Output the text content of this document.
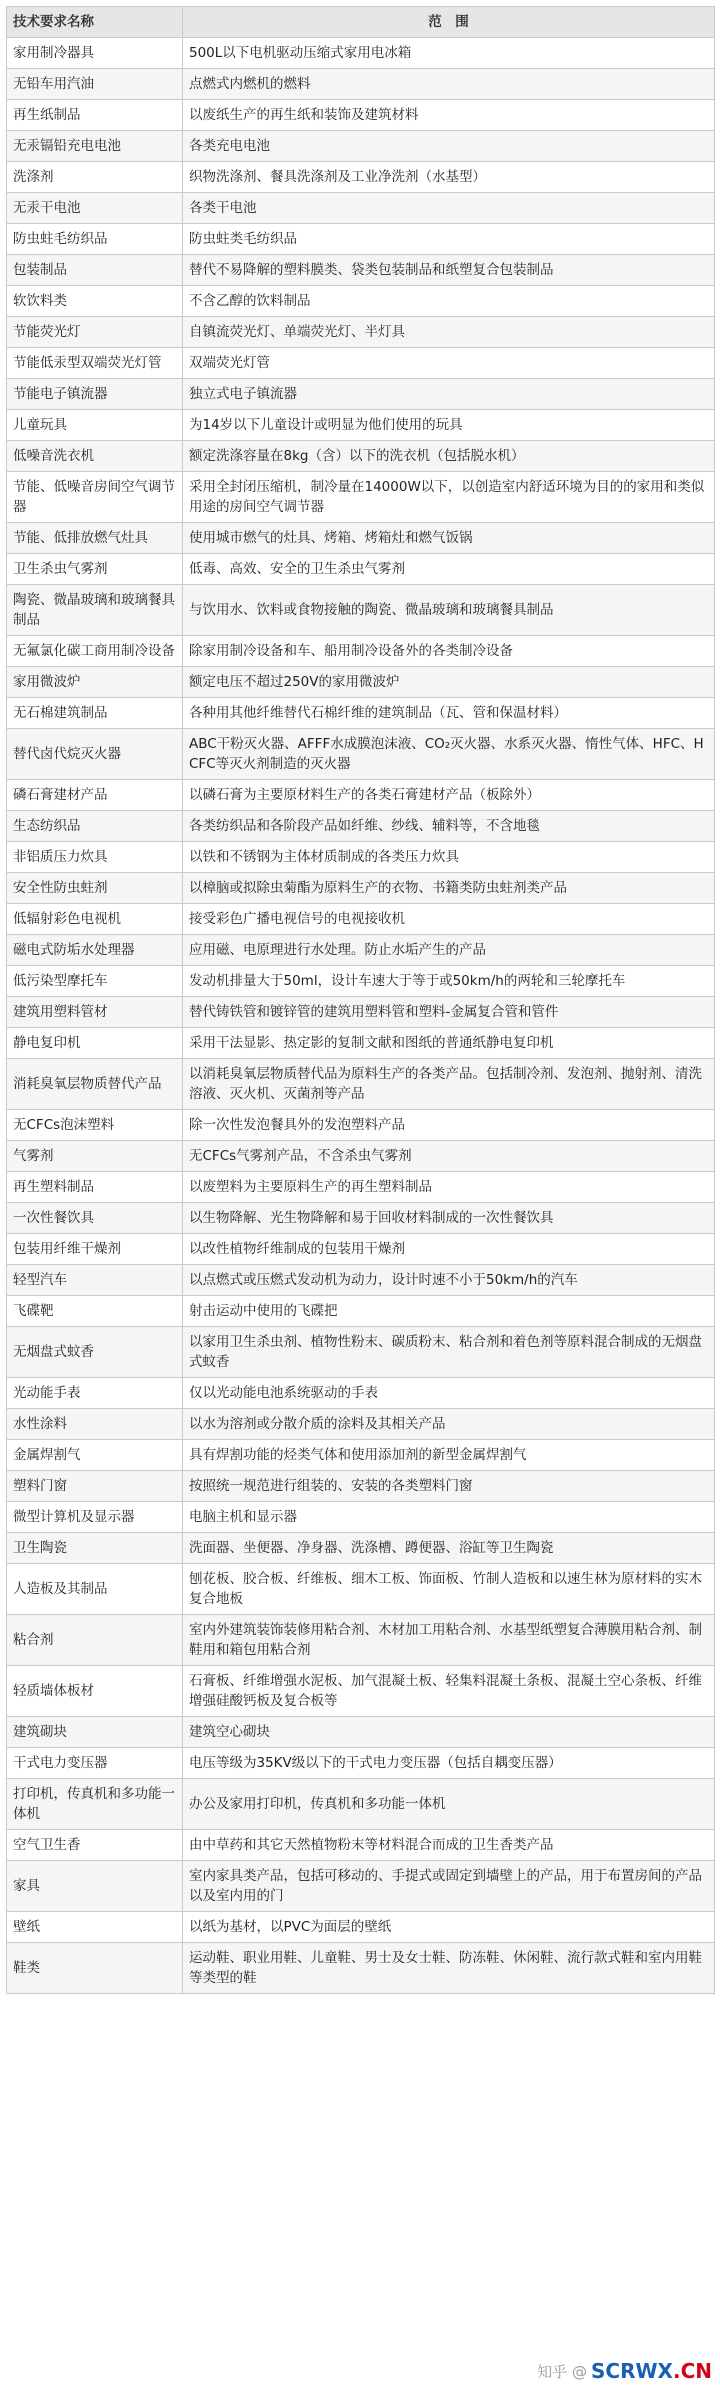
技术要求名称	范　围
家用制冷器具	500L以下电机驱动压缩式家用电冰箱
无铅车用汽油	点燃式内燃机的燃料
再生纸制品	以废纸生产的再生纸和装饰及建筑材料
无汞镉铅充电电池	各类充电电池
洗涤剂	织物洗涤剂、餐具洗涤剂及工业净洗剂（水基型）
无汞干电池	各类干电池
防虫蛀毛纺织品	防虫蛀类毛纺织品
包装制品	替代不易降解的塑料膜类、袋类包装制品和纸塑复合包装制品
软饮料类	不含乙醇的饮料制品
节能荧光灯	自镇流荧光灯、单端荧光灯、半灯具
节能低汞型双端荧光灯管	双端荧光灯管
节能电子镇流器	独立式电子镇流器
儿童玩具	为14岁以下儿童设计或明显为他们使用的玩具
低噪音洗衣机	额定洗涤容量在8kg（含）以下的洗衣机（包括脱水机）
节能、低噪音房间空气调节器	采用全封闭压缩机，制冷量在14000W以下，以创造室内舒适环境为目的的家用和类似用途的房间空气调节器
节能、低排放燃气灶具	使用城市燃气的灶具、烤箱、烤箱灶和燃气饭锅
卫生杀虫气雾剂	低毒、高效、安全的卫生杀虫气雾剂
陶瓷、微晶玻璃和玻璃餐具制品	与饮用水、饮料或食物接触的陶瓷、微晶玻璃和玻璃餐具制品
无氟氯化碳工商用制冷设备	除家用制冷设备和车、船用制冷设备外的各类制冷设备
家用微波炉	额定电压不超过250V的家用微波炉
无石棉建筑制品	各种用其他纤维替代石棉纤维的建筑制品（瓦、管和保温材料）
替代卤代烷灭火器	ABC干粉灭火器、AFFF水成膜泡沫液、CO₂灭火器、水系灭火器、惰性气体、HFC、HCFC等灭火剂制造的灭火器
磷石膏建材产品	以磷石膏为主要原材料生产的各类石膏建材产品（板除外）
生态纺织品	各类纺织品和各阶段产品如纤维、纱线、辅料等，不含地毯
非铝质压力炊具	以铁和不锈钢为主体材质制成的各类压力炊具
安全性防虫蛀剂	以樟脑或拟除虫菊酯为原料生产的衣物、书籍类防虫蛀剂类产品
低辐射彩色电视机	接受彩色广播电视信号的电视接收机
磁电式防垢水处理器	应用磁、电原理进行水处理。防止水垢产生的产品
低污染型摩托车	发动机排量大于50ml，设计车速大于等于或50km/h的两轮和三轮摩托车
建筑用塑料管材	替代铸铁管和镀锌管的建筑用塑料管和塑料-金属复合管和管件
静电复印机	采用干法显影、热定影的复制文献和图纸的普通纸静电复印机
消耗臭氧层物质替代产品	以消耗臭氧层物质替代品为原料生产的各类产品。包括制冷剂、发泡剂、抛射剂、清洗溶液、灭火机、灭菌剂等产品
无CFCs泡沫塑料	除一次性发泡餐具外的发泡塑料产品
气雾剂	无CFCs气雾剂产品，不含杀虫气雾剂
再生塑料制品	以废塑料为主要原料生产的再生塑料制品
一次性餐饮具	以生物降解、光生物降解和易于回收材料制成的一次性餐饮具
包装用纤维干燥剂	以改性植物纤维制成的包装用干燥剂
轻型汽车	以点燃式或压燃式发动机为动力，设计时速不小于50km/h的汽车
飞碟靶	射击运动中使用的飞碟把
无烟盘式蚊香	以家用卫生杀虫剂、植物性粉末、碳质粉末、粘合剂和着色剂等原料混合制成的无烟盘式蚊香
光动能手表	仅以光动能电池系统驱动的手表
水性涂料	以水为溶剂或分散介质的涂料及其相关产品
金属焊割气	具有焊割功能的烃类气体和使用添加剂的新型金属焊割气
塑料门窗	按照统一规范进行组装的、安装的各类塑料门窗
微型计算机及显示器	电脑主机和显示器
卫生陶瓷	洗面器、坐便器、净身器、洗涤槽、蹲便器、浴缸等卫生陶瓷
人造板及其制品	刨花板、胶合板、纤维板、细木工板、饰面板、竹制人造板和以速生林为原材料的实木复合地板
粘合剂	室内外建筑装饰装修用粘合剂、木材加工用粘合剂、水基型纸塑复合薄膜用粘合剂、制鞋用和箱包用粘合剂
轻质墙体板材	石膏板、纤维增强水泥板、加气混凝土板、轻集料混凝土条板、混凝土空心条板、纤维增强硅酸钙板及复合板等
建筑砌块	建筑空心砌块
干式电力变压器	电压等级为35KV级以下的干式电力变压器（包括自耦变压器）
打印机，传真机和多功能一体机	办公及家用打印机，传真机和多功能一体机
空气卫生香	由中草药和其它天然植物粉末等材料混合而成的卫生香类产品
家具	室内家具类产品，包括可移动的、手提式或固定到墙壁上的产品，用于布置房间的产品以及室内用的门
壁纸	以纸为基材，以PVC为面层的壁纸
鞋类	运动鞋、职业用鞋、儿童鞋、男士及女士鞋、防冻鞋、休闲鞋、流行款式鞋和室内用鞋等类型的鞋
知乎 @ SCRWX.CN
